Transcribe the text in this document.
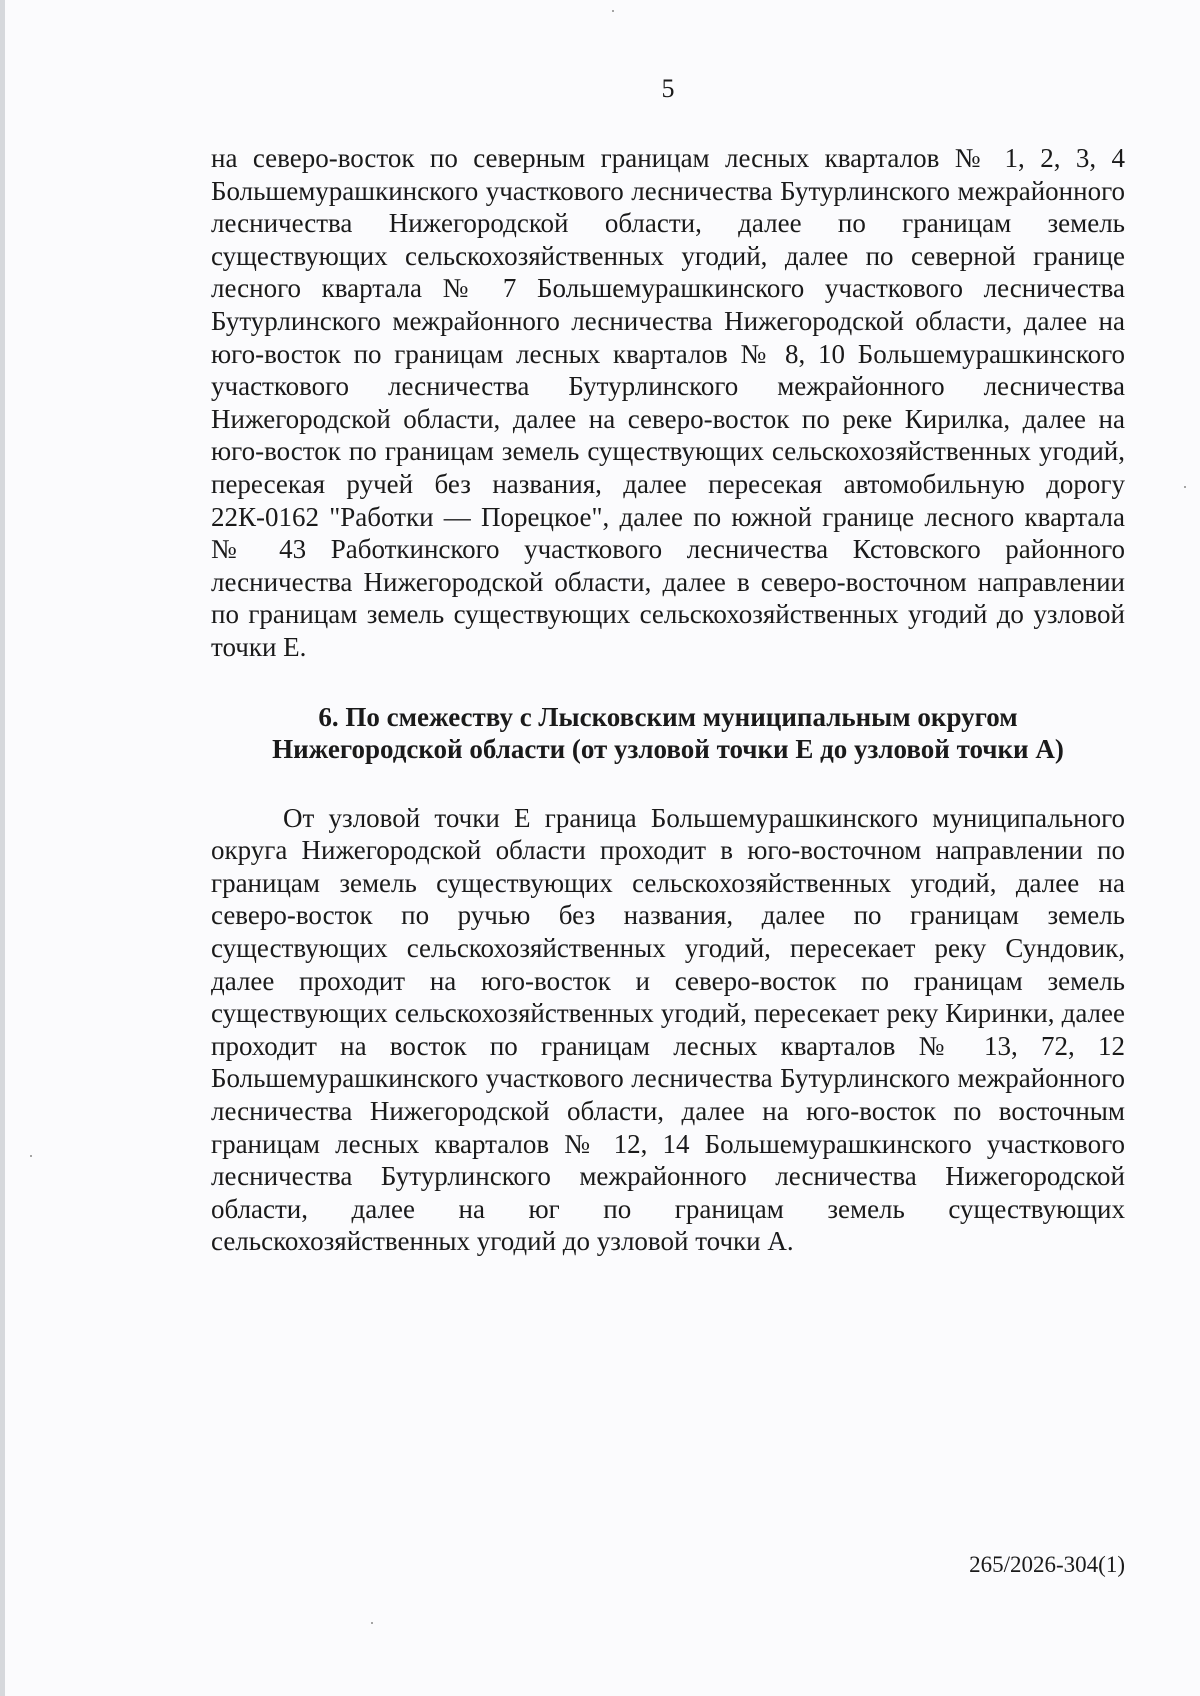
5

на северо-восток по северным границам лесных кварталов № 1, 2, 3, 4 Большемурашкинского участкового лесничества Бутурлинского межрайонного лесничества Нижегородской области, далее по границам земель существующих сельскохозяйственных угодий, далее по северной границе лесного квартала № 7 Большемурашкинского участкового лесничества Бутурлинского межрайонного лесничества Нижегородской области, далее на юго-восток по границам лесных кварталов № 8, 10 Большемурашкинского участкового лесничества Бутурлинского межрайонного лесничества Нижегородской области, далее на северо-восток по реке Кирилка, далее на юго-восток по границам земель существующих сельскохозяйственных угодий, пересекая ручей без названия, далее пересекая автомобильную дорогу 22К-0162 "Работки — Порецкое", далее по южной границе лесного квартала № 43 Работкинского участкового лесничества Кстовского районного лесничества Нижегородской области, далее в северо-восточном направлении по границам земель существующих сельскохозяйственных угодий до узловой точки Е.

6. По смежеству с Лысковским муниципальным округом
Нижегородской области (от узловой точки Е до узловой точки А)

От узловой точки Е граница Большемурашкинского муниципального округа Нижегородской области проходит в юго-восточном направлении по границам земель существующих сельскохозяйственных угодий, далее на северо-восток по ручью без названия, далее по границам земель существующих сельскохозяйственных угодий, пересекает реку Сундовик, далее проходит на юго-восток и северо-восток по границам земель существующих сельскохозяйственных угодий, пересекает реку Киринки, далее проходит на восток по границам лесных кварталов № 13, 72, 12 Большемурашкинского участкового лесничества Бутурлинского межрайонного лесничества Нижегородской области, далее на юго-восток по восточным границам лесных кварталов № 12, 14 Большемурашкинского участкового лесничества Бутурлинского межрайонного лесничества Нижегородской области, далее на юг по границам земель существующих сельскохозяйственных угодий до узловой точки А.

265/2026-304(1)
